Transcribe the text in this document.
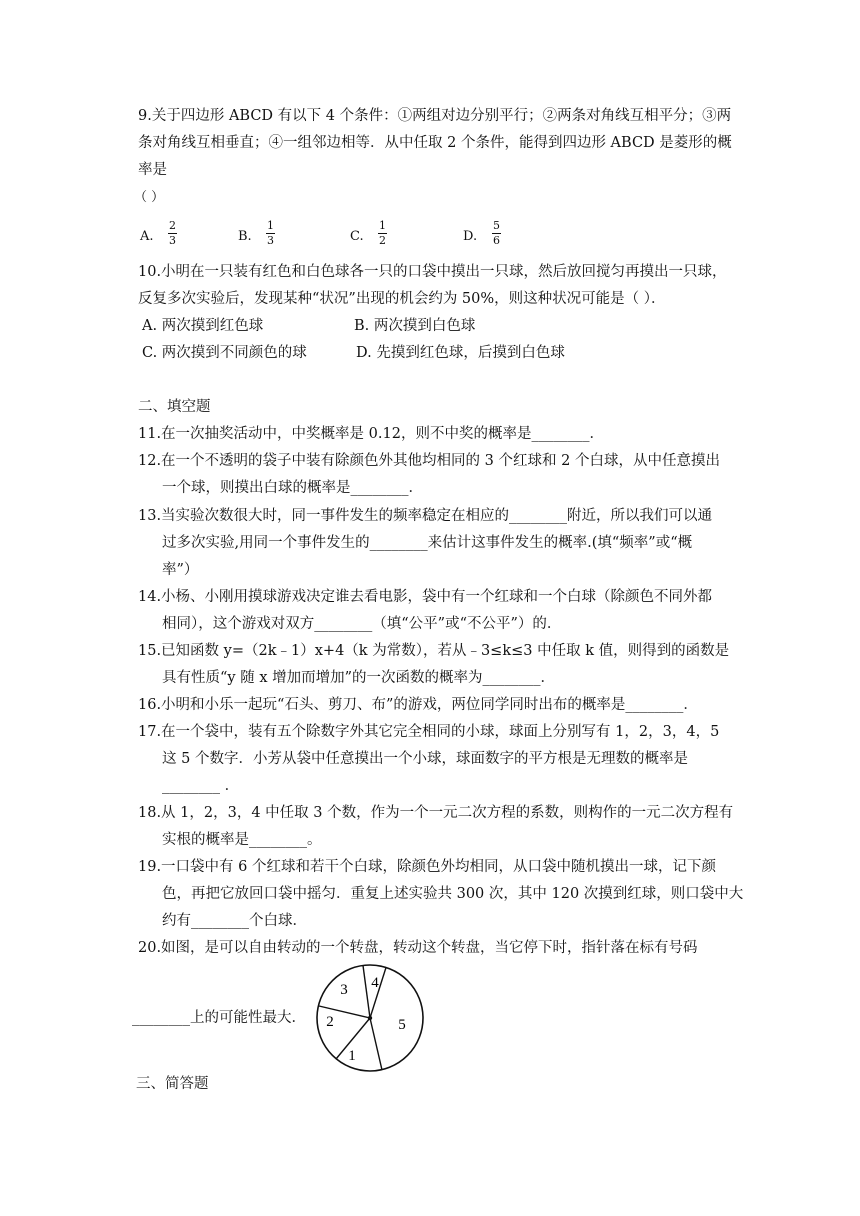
9.关于四边形 ABCD 有以下 4 个条件：①两组对边分别平行；②两条对角线互相平分；③两
条对角线互相垂直；④一组邻边相等．从中任取 2 个条件，能得到四边形 ABCD 是菱形的概
率是
（ ）
A.
2
3	B.
1
3	C.
1
2	D.
5
6
10.小明在一只装有红色和白色球各一只的口袋中摸出一只球，然后放回搅匀再摸出一只球，
反复多次实验后，发现某种“状况”出现的机会约为 50%，则这种状况可能是（ ）．
A. 两次摸到红色球	B. 两次摸到白色球
C. 两次摸到不同颜色的球	D. 先摸到红色球，后摸到白色球
二、填空题
11.在一次抽奖活动中，中奖概率是 0.12，则不中奖的概率是________．
12.在一个不透明的袋子中装有除颜色外其他均相同的 3 个红球和 2 个白球，从中任意摸出
一个球，则摸出白球的概率是________．
13.当实验次数很大时，同一事件发生的频率稳定在相应的________附近，所以我们可以通
过多次实验,用同一个事件发生的________来估计这事件发生的概率.(填“频率”或“概
率”）
14.小杨、小刚用摸球游戏决定谁去看电影，袋中有一个红球和一个白球（除颜色不同外都
相同），这个游戏对双方________（填“公平”或“不公平”）的．
15.已知函数 y=（2k﹣1）x+4（k 为常数），若从﹣3≤k≤3 中任取 k 值，则得到的函数是
具有性质“y 随 x 增加而增加”的一次函数的概率为________．
16.小明和小乐一起玩“石头、剪刀、布”的游戏，两位同学同时出布的概率是________．
17.在一个袋中，装有五个除数字外其它完全相同的小球，球面上分别写有 1，2，3，4，5
这 5 个数字．小芳从袋中任意摸出一个小球，球面数字的平方根是无理数的概率是
________ ．
18.从 1，2，3，4 中任取 3 个数，作为一个一元二次方程的系数，则构作的一元二次方程有
实根的概率是________。
19.一口袋中有 6 个红球和若干个白球，除颜色外均相同，从口袋中随机摸出一球，记下颜
色，再把它放回口袋中摇匀．重复上述实验共 300 次，其中 120 次摸到红球，则口袋中大
约有________个白球．
20.如图，是可以自由转动的一个转盘，转动这个转盘，当它停下时，指针落在标有号码
________上的可能性最大．
1
2
3 4
5
三、简答题
